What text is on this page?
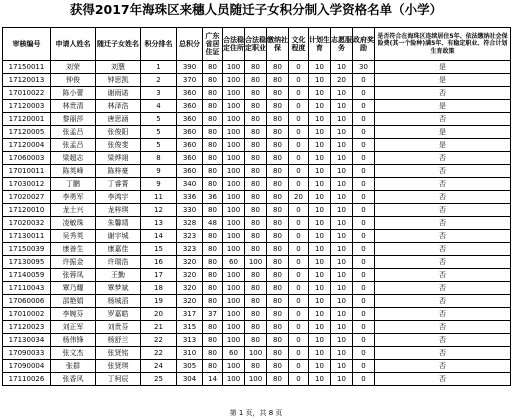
获得2017年海珠区来穗人员随迁子女积分制入学资格名单（小学）
审核编号	申请人姓名	随迁子女姓名	积分排名	总积分	广东省居住证	合法稳定住所	合法稳定职业	缴纳社保	文化程度	计划生育	志愿服务	政府奖励	是否符合在海珠区连续居住5年、依法缴纳社会保险费(其一个险种)满5年、有稳定职业、符合计划生育政策
17150011	刘荣	刘慧	1	390	80	100	80	80	0	10	10	30	是
17120013	钟俊	钟思凯	2	370	80	100	80	80	0	10	20	0	是
17010022	陈小蕾	谢雨诺	3	360	80	100	80	80	0	10	10	0	否
17120003	林贵清	林泽浩	4	360	80	100	80	80	0	10	10	0	是
17120001	黎丽莎	唐思涵	5	360	80	100	80	80	0	10	10	0	否
17120005	张孟吕	张俊阳	5	360	80	100	80	80	0	10	10	0	是
17120004	张孟吕	张俊斐	5	360	80	100	80	80	0	10	10	0	是
17060003	梁超志	梁烨翊	8	360	80	100	80	80	0	10	10	0	否
17010011	陈英峰	陈梓豪	9	360	80	100	80	80	0	10	10	0	否
17030012	丁鹏	丁睿菁	9	340	80	100	80	80	0	10	10	0	否
17020027	李勇军	李鸿宇	11	336	36	100	80	80	20	10	10	0	否
17120010	龙土兴	龙梓琪	12	330	80	100	80	80	0	10	10	0	否
17020032	凌敏珠	朱馨靖	13	328	48	100	80	80	0	10	10	0	否
17130011	吴秀英	谢宇城	14	323	80	100	80	80	0	10	10	0	否
17150039	康善生	康嘉佳	15	323	80	100	80	80	0	10	10	0	否
17130095	许振金	许瑞浩	16	320	80	60	100	80	0	10	10	0	否
17140059	张蓉凤	王勤	17	320	80	100	80	80	0	10	10	0	否
17110043	覃乃耀	覃梦斌	18	320	80	100	80	80	0	10	10	0	否
17060006	邵艳娟	杨城滔	19	320	80	100	80	80	0	10	10	0	否
17010002	李婉芬	罗嘉皓	20	317	37	100	80	80	0	10	10	0	否
17120023	刘正军	刘贵芬	21	315	80	100	80	80	0	10	10	0	否
17130034	杨伟锋	杨舒兰	22	313	80	100	80	80	0	10	10	0	否
17090033	张文杰	张贤铭	22	310	80	60	100	80	0	10	10	0	否
17090004	张群	张贤琪	24	305	80	100	80	80	0	10	10	0	否
17110026	张香风	丁柯辰	25	304	14	100	100	80	0	10	10	0	否
第 1 页，共 8 页
